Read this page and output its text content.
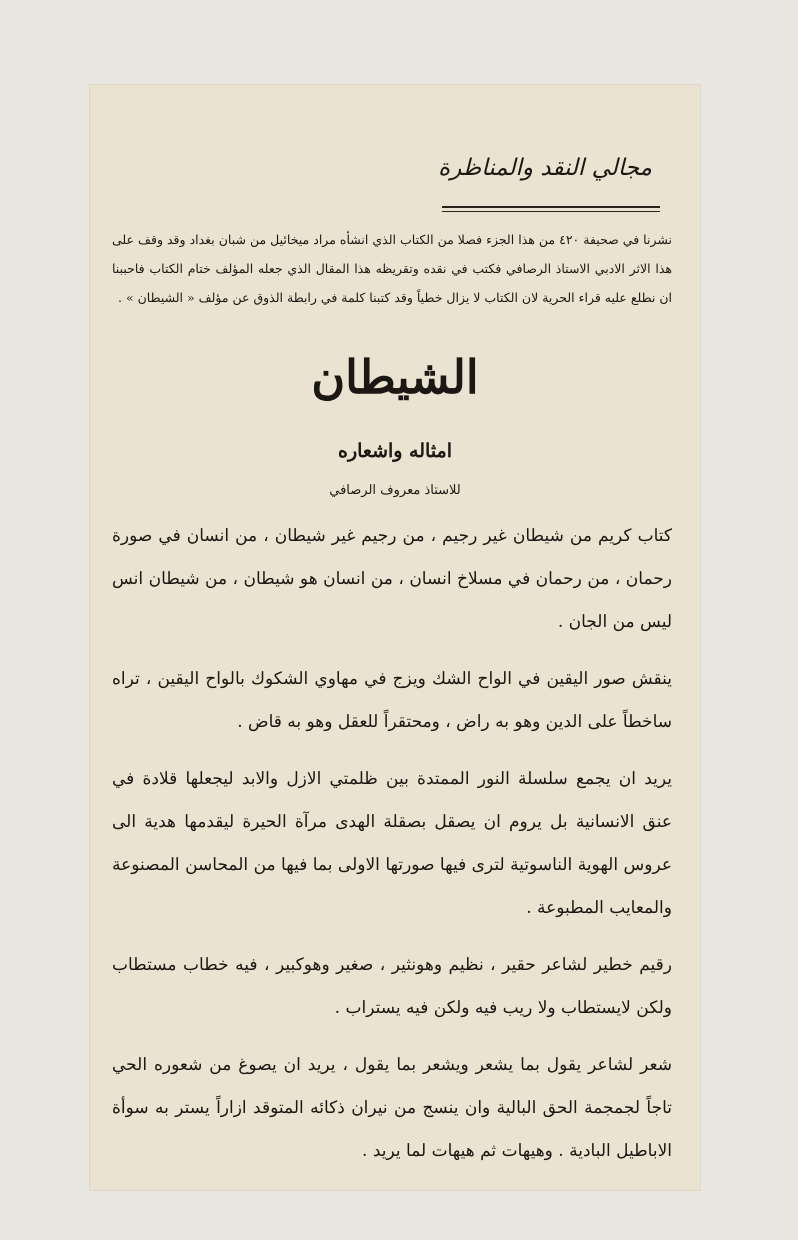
مجالي النقد والمناظرة
نشرنا في صحيفة ٤٢٠ من هذا الجزء فصلا من الكتاب الذي انشأه مراد ميخائيل من شبان بغداد وقد وقف على هذا الاثر الادبي الاستاذ الرصافي فكتب في نقده وتقريظه هذا المقال الذي جعله المؤلف ختام الكتاب فاحببنا ان نطلع عليه قراء الحرية لان الكتاب لا يزال خطياً وقد كتبنا كلمة في رابطة الذوق عن مؤلف « الشيطان » .
الشيطان
امثاله واشعاره
للاستاذ معروف الرصافي

كتاب كريم من شيطان غير رجيم ، من رجيم غير شيطان ، من انسان في صورة رحمان ، من رحمان في مسلاخ انسان ، من انسان هو شيطان ، من شيطان انس ليس من الجان .

ينقش صور اليقين في الواح الشك ويزج في مهاوي الشكوك بالواح اليقين ، تراه ساخطاً على الدين وهو به راض ، ومحتقراً للعقل وهو به قاض .

يريد ان يجمع سلسلة النور الممتدة بين ظلمتي الازل والابد ليجعلها قلادة في عنق الانسانية بل يروم ان يصقل بصقلة الهدى مرآة الحيرة ليقدمها هدية الى عروس الهوية الناسوتية لترى فيها صورتها الاولى بما فيها من المحاسن المصنوعة والمعايب المطبوعة .

رقيم خطير لشاعر حقير ، نظيم وهونثير ، صغير وهوكبير ، فيه خطاب مستطاب ولكن لايستطاب ولا ريب فيه ولكن فيه يستراب .

شعر لشاعر يقول بما يشعر ويشعر بما يقول ، يريد ان يصوغ من شعوره الحي تاجاً لجمجمة الحق البالية وان ينسج من نيران ذكائه المتوقد ازاراً يستر به سوأة الاباطيل البادية . وهيهات ثم هيهات لما يريد .
